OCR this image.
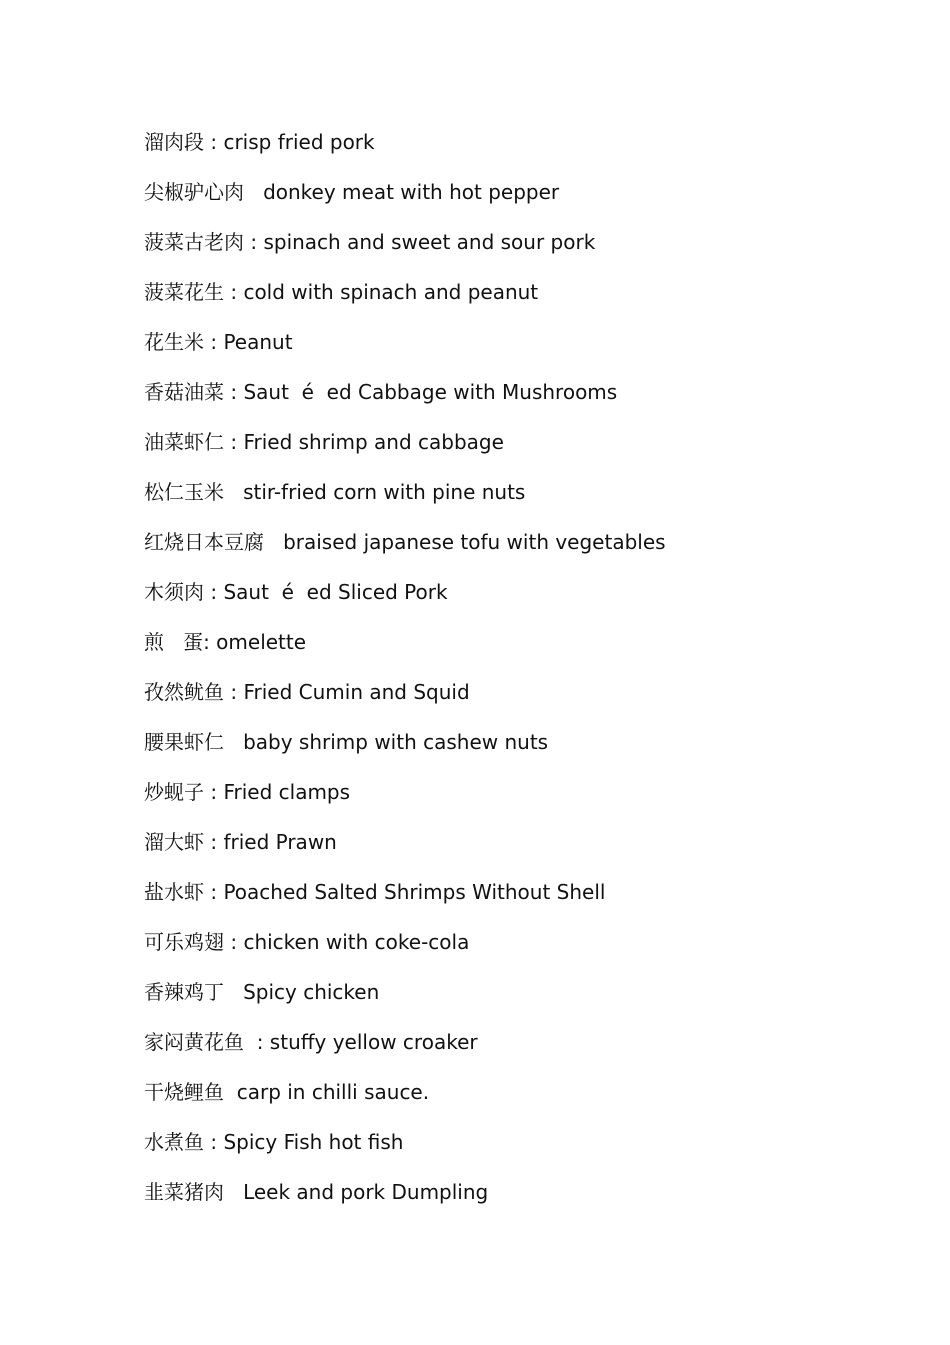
溜肉段 : crisp fried pork
尖椒驴心肉   donkey meat with hot pepper
菠菜古老肉 : spinach and sweet and sour pork
菠菜花生 : cold with spinach and peanut
花生米 : Peanut
香菇油菜 : Saut  é  ed Cabbage with Mushrooms
油菜虾仁 : Fried shrimp and cabbage
松仁玉米   stir-fried corn with pine nuts
红烧日本豆腐   braised japanese tofu with vegetables
木须肉 : Saut  é  ed Sliced Pork
煎   蛋: omelette
孜然鱿鱼 : Fried Cumin and Squid
腰果虾仁   baby shrimp with cashew nuts
炒蚬子 : Fried clamps
溜大虾 : fried Prawn
盐水虾 : Poached Salted Shrimps Without Shell
可乐鸡翅 : chicken with coke-cola
香辣鸡丁   Spicy chicken
家闷黄花鱼  : stuffy yellow croaker
干烧鲤鱼  carp in chilli sauce.
水煮鱼 : Spicy Fish hot fish
韭菜猪肉   Leek and pork Dumpling
